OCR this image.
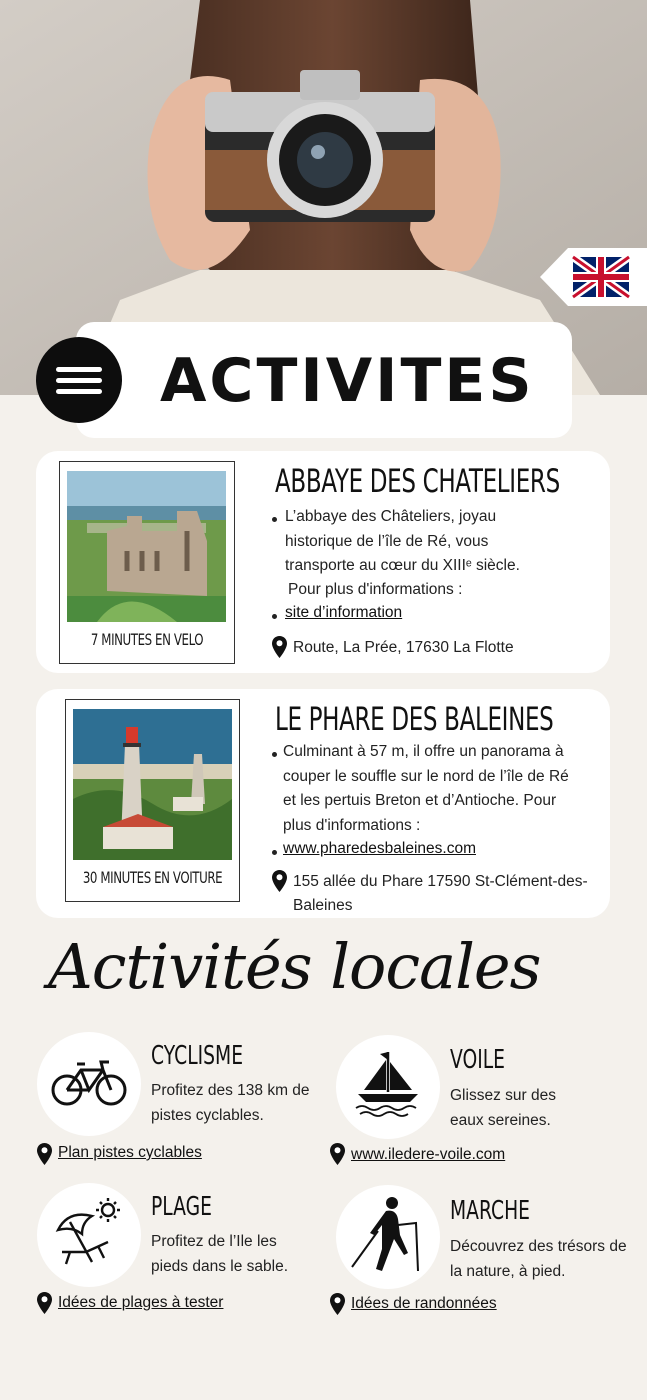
ACTIVITES
7 MINUTES EN VELO
ABBAYE DES CHATELIERS
L’abbaye des Châteliers, joyau historique de l’île de Ré, vous transporte au cœur du XIIIᵉ siècle.
Pour plus d'informations :
site d’information
Route, La Prée, 17630 La Flotte
30 MINUTES EN VOITURE
LE PHARE DES BALEINES
Culminant à 57 m, il offre un panorama à couper le souffle sur le nord de l’île de Ré et les pertuis Breton et d’Antioche. Pour plus d'informations :
www.pharedesbaleines.com
155 allée du Phare 17590 St-Clément-des-
Baleines
Activités locales
CYCLISME
Profitez des 138 km de
pistes cyclables.
Plan pistes cyclables
VOILE
Glissez sur des
eaux sereines.
www.iledere-voile.com
PLAGE
Profitez de l’Ile les
pieds dans le sable.
Idées de plages à tester
MARCHE
Découvrez des trésors de
la nature, à pied.
Idées de randonnées
